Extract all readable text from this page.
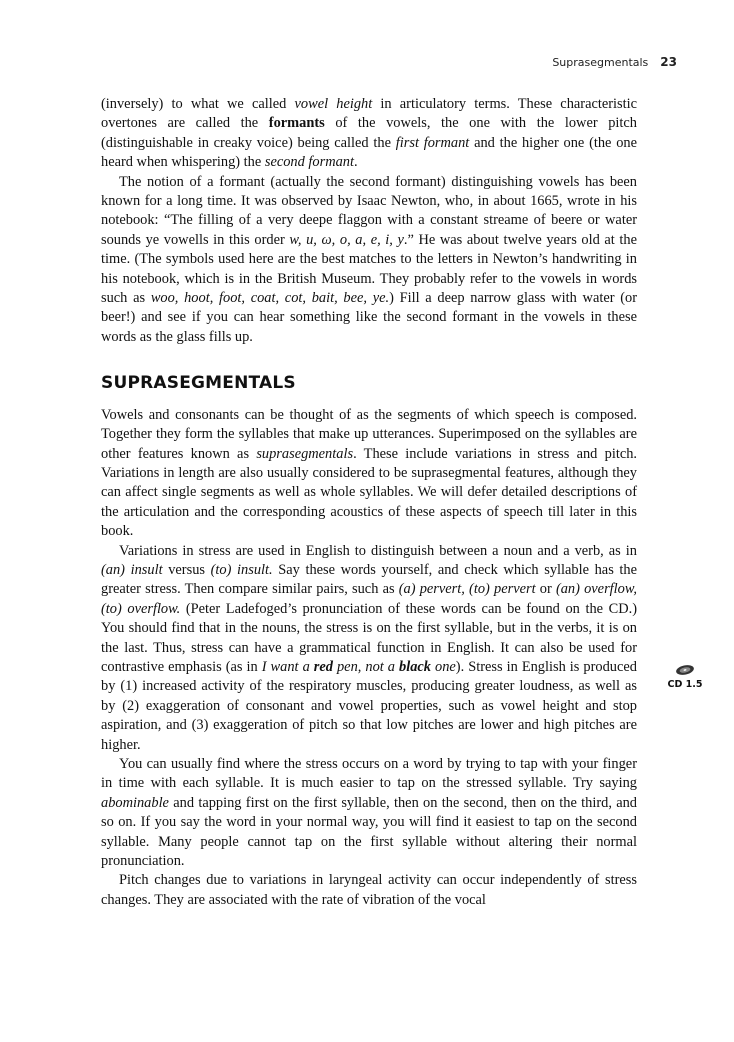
Suprasegmentals 23

(inversely) to what we called vowel height in articulatory terms. These characteristic overtones are called the formants of the vowels, the one with the lower pitch (distinguishable in creaky voice) being called the first formant and the higher one (the one heard when whispering) the second formant.

The notion of a formant (actually the second formant) distinguishing vowels has been known for a long time. It was observed by Isaac Newton, who, in about 1665, wrote in his notebook: “The filling of a very deepe flaggon with a constant streame of beere or water sounds ye vowells in this order w, u, ω, o, a, e, i, y.” He was about twelve years old at the time. (The symbols used here are the best matches to the letters in Newton’s handwriting in his notebook, which is in the British Museum. They probably refer to the vowels in words such as woo, hoot, foot, coat, cot, bait, bee, ye.) Fill a deep narrow glass with water (or beer!) and see if you can hear something like the second formant in the vowels in these words as the glass fills up.

SUPRASEGMENTALS

Vowels and consonants can be thought of as the segments of which speech is composed. Together they form the syllables that make up utterances. Superimposed on the syllables are other features known as suprasegmentals. These include variations in stress and pitch. Variations in length are also usually considered to be suprasegmental features, although they can affect single segments as well as whole syllables. We will defer detailed descriptions of the articulation and the corresponding acoustics of these aspects of speech till later in this book.

Variations in stress are used in English to distinguish between a noun and a verb, as in (an) insult versus (to) insult. Say these words yourself, and check which syllable has the greater stress. Then compare similar pairs, such as (a) pervert, (to) pervert or (an) overflow, (to) overflow. (Peter Ladefoged’s pronunciation of these words can be found on the CD.) You should find that in the nouns, the stress is on the first syllable, but in the verbs, it is on the last. Thus, stress can have a grammatical function in English. It can also be used for contrastive emphasis (as in I want a red pen, not a black one). Stress in English is produced by (1) increased activity of the respiratory muscles, producing greater loudness, as well as by (2) exaggeration of consonant and vowel properties, such as vowel height and stop aspiration, and (3) exaggeration of pitch so that low pitches are lower and high pitches are higher.

You can usually find where the stress occurs on a word by trying to tap with your finger in time with each syllable. It is much easier to tap on the stressed syllable. Try saying abominable and tapping first on the first syllable, then on the second, then on the third, and so on. If you say the word in your normal way, you will find it easiest to tap on the second syllable. Many people cannot tap on the first syllable without altering their normal pronunciation.

Pitch changes due to variations in laryngeal activity can occur independently of stress changes. They are associated with the rate of vibration of the vocal

CD 1.5
